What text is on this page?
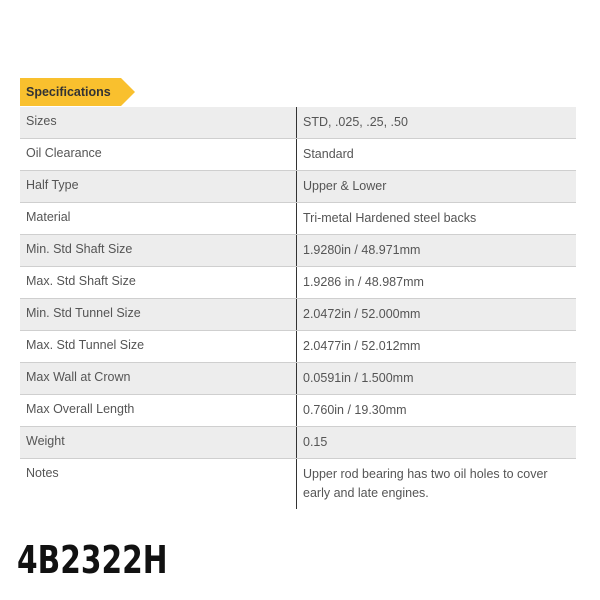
Specifications
Sizes	STD, .025, .25, .50
Oil Clearance	Standard
Half Type	Upper & Lower
Material	Tri-metal Hardened steel backs
Min. Std Shaft Size	1.9280in / 48.971mm
Max. Std Shaft Size	1.9286 in / 48.987mm
Min. Std Tunnel Size	2.0472in / 52.000mm
Max. Std Tunnel Size	2.0477in / 52.012mm
Max Wall at Crown	0.0591in / 1.500mm
Max Overall Length	0.760in / 19.30mm
Weight	0.15
Notes	Upper rod bearing has two oil holes to cover early and late engines.
4B2322H
